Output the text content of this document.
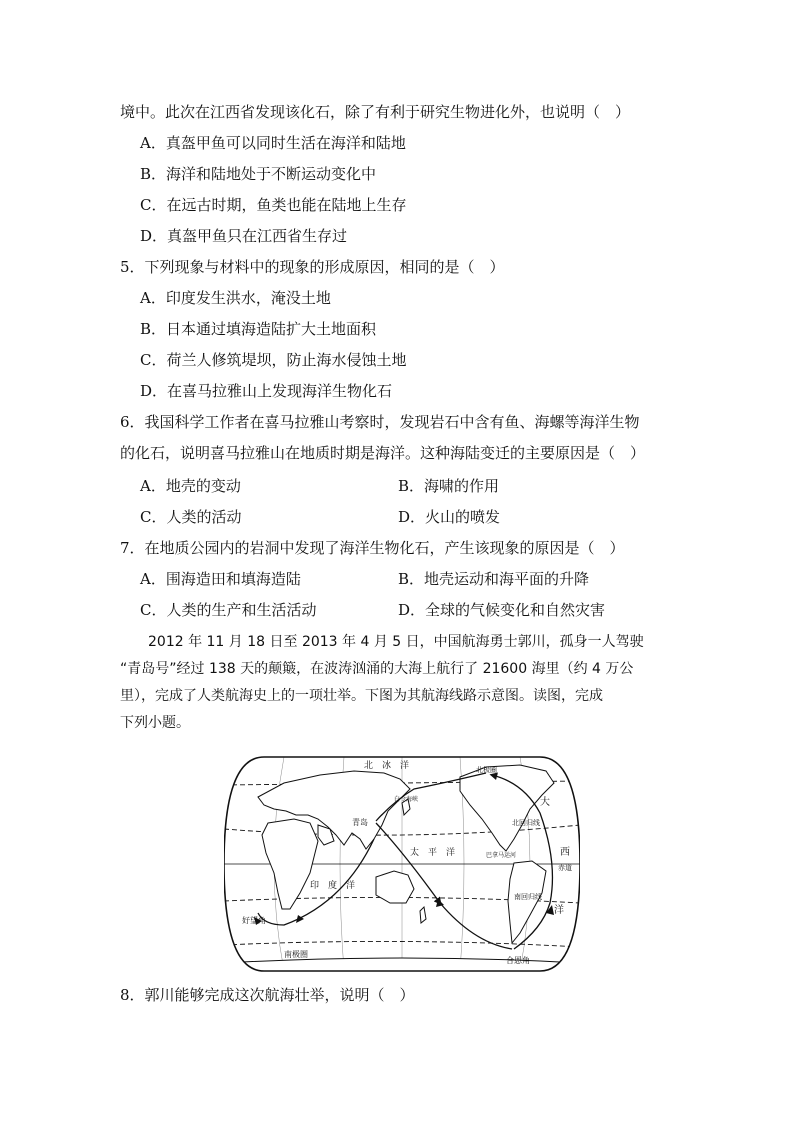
境中。此次在江西省发现该化石，除了有利于研究生物进化外，也说明（　）
A．真盔甲鱼可以同时生活在海洋和陆地
B．海洋和陆地处于不断运动变化中
C．在远古时期，鱼类也能在陆地上生存
D．真盔甲鱼只在江西省生存过
5．下列现象与材料中的现象的形成原因，相同的是（　）
A．印度发生洪水，淹没土地
B．日本通过填海造陆扩大土地面积
C．荷兰人修筑堤坝，防止海水侵蚀土地
D．在喜马拉雅山上发现海洋生物化石
6．我国科学工作者在喜马拉雅山考察时，发现岩石中含有鱼、海螺等海洋生物
的化石，说明喜马拉雅山在地质时期是海洋。这种海陆变迁的主要原因是（　）
A．地壳的变动	B．海啸的作用
C．人类的活动	D．火山的喷发
7．在地质公园内的岩洞中发现了海洋生物化石，产生该现象的原因是（　）
A．围海造田和填海造陆	B．地壳运动和海平面的升降
C．人类的生产和生活活动	D．全球的气候变化和自然灾害

　　2012 年 11 月 18 日至 2013 年 4 月 5 日，中国航海勇士郭川，孤身一人驾驶

“青岛号”经过 138 天的颠簸，在波涛汹涌的大海上航行了 21600 海里（约 4 万公

里），完成了人类航海史上的一项壮举。下图为其航海线路示意图。读图，完成

下列小题。

北　冰　洋	北极圈
白令海峡
青岛
太　平　洋	巴拿马运河
北回归线
大
西
洋
赤道
印　度　洋
好望角
南回归线
南极圈
合恩角
8．郭川能够完成这次航海壮举，说明（　）
